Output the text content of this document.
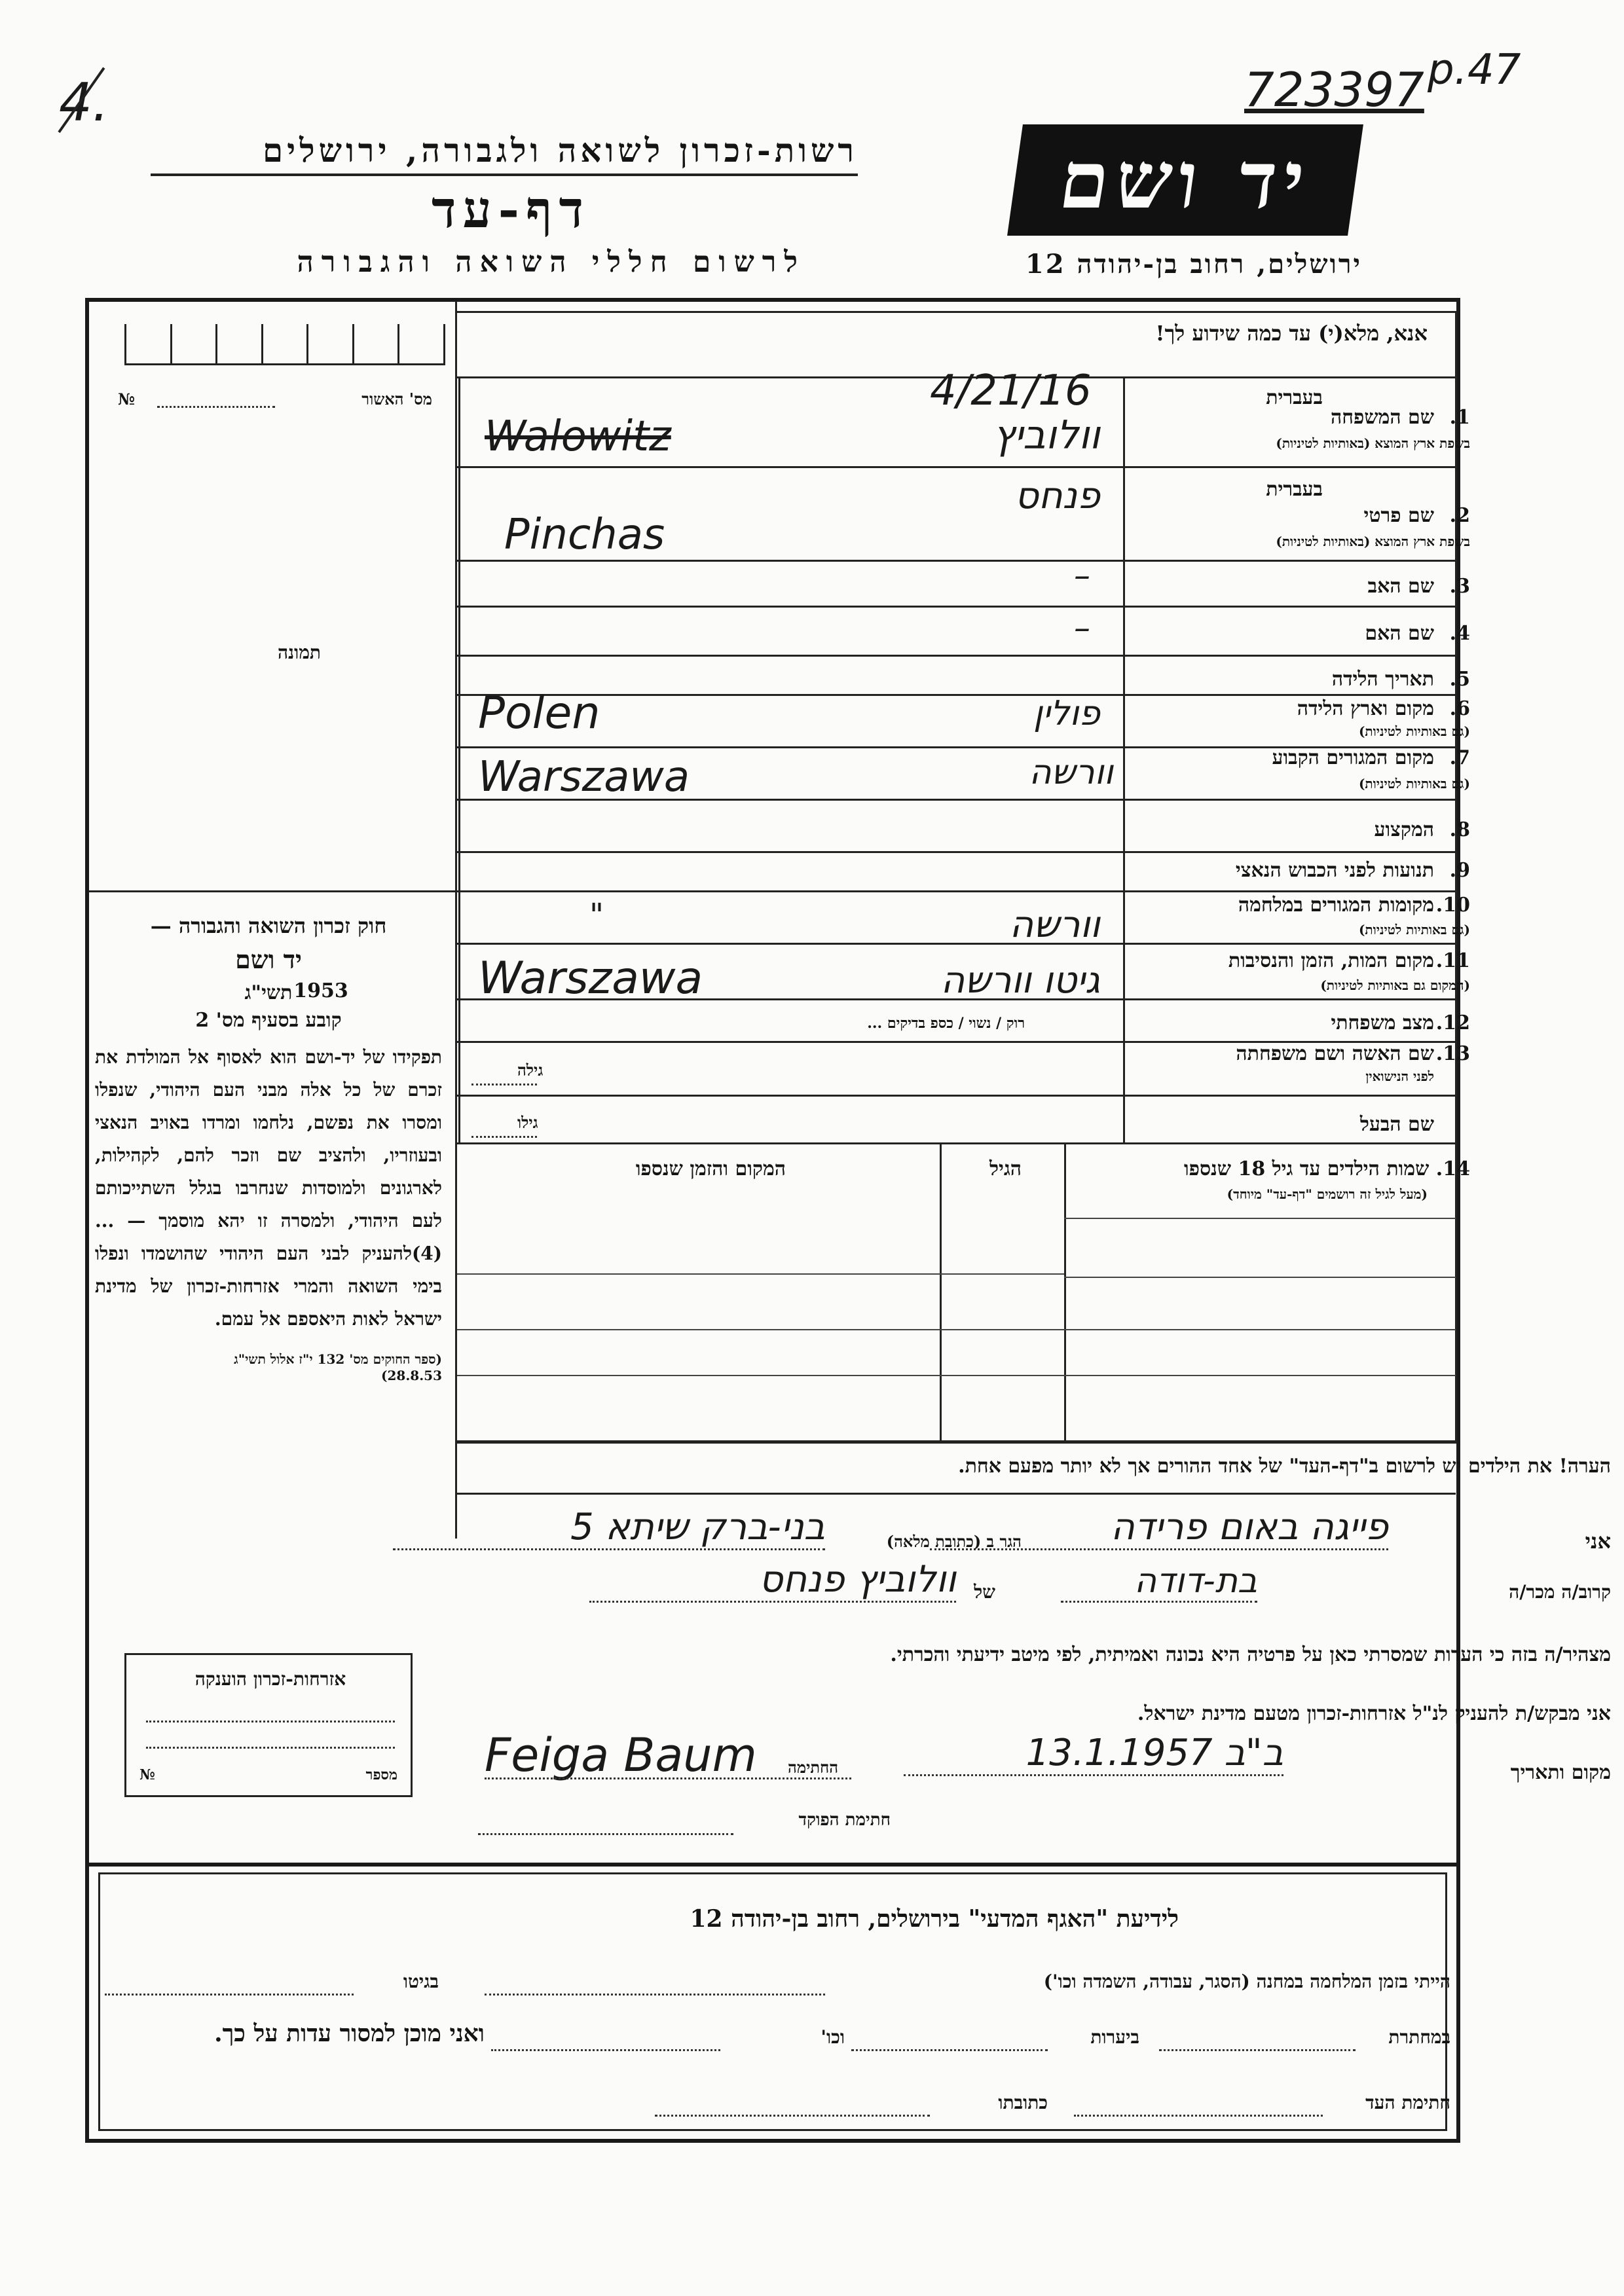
4.
רשות-זכרון לשואה ולגבורה, ירושלים
דף-עד
לרשום חללי השואה והגבורה
יד ושם
723397 p.47
ירושלים, רחוב בן-יהודה 12
אנא, מלא(י) עד כמה שידוע לך!
4/21/16
1.
שם המשפחה
בשפת ארץ המוצא (באותיות לטיניות)
בעברית
וולוביץ
Walowitz
2.
שם פרטי
בשפת ארץ המוצא (באותיות לטיניות)
בעברית
פנחס
Pinchas
3.
שם האב
–
4.
שם האם
–
5.
תאריך הלידה
6.
מקום וארץ הלידה
(גם באותיות לטיניות)
פולין
Polen
7.
מקום המגורים הקבוע
(גם באותיות לטיניות)
וורשה
Warszawa
8.
המקצוע
9.
תנועות לפני הכבוש הנאצי
10.
מקומות המגורים במלחמה
(גם באותיות לטיניות)
וורשה
"
11.
מקום המות, הזמן והנסיבות
(המקום גם באותיות לטיניות)
גיטו וורשה
Warszawa
12.
מצב משפחתי
רוק / נשוי / כספ בדיקים ...
13.
שם האשה ושם משפחתה
לפני הנישואין
גילה
שם הבעל
גילו
14. שמות הילדים עד גיל 18 שנספו
(מעל לגיל זה רושמים "דף-עד" מיוחד)
הגיל
המקום והזמן שנספו
הערה! את הילדים יש לרשום ב"דף-העד" של אחד ההורים אך לא יותר מפעם אחת.
מס' האשור
№
תמונה
חוק זכרון השואה והגבורה —
יד ושם
תשי"ג 1953
קובע בסעיף מס' 2
תפקידו של יד-ושם הוא לאסוף אל המולדת את זכרם של כל אלה מבני העם היהודי, שנפלו ומסרו את נפשם, נלחמו ומרדו באויב הנאצי ובעוזריו, ולהציב שם וזכר להם, לקהילות, לארגונים ולמוסדות שנחרבו בגלל השתייכותם לעם היהודי, ולמסרה זו יהא מוסמך — ...(4)להעניק לבני העם היהודי שהושמדו ונפלו בימי השואה והמרי אזרחות-זכרון של מדינת ישראל לאות היאספם אל עמם.
(ספר החוקים מס' 132 י"ז אלול תשי"ג 28.8.53)
אני
פייגה באום פרידה
הגר ב (כתובת מלאה)
בני-ברק שיתא 5
קרוב/ה מכר/ה
בת-דודה
של
וולוביץ פנחס
מצהיר/ה בזה כי העדות שמסרתי כאן על פרטיה היא נכונה ואמיתית, לפי מיטב ידיעתי והכרתי.
אני מבקש/ת להעניק לנ"ל אזרחות-זכרון מטעם מדינת ישראל.
מקום ותאריך
ב"ב 13.1.1957
החתימה
Feiga Baum
חתימת הפוקד
אזרחות-זכרון הוענקה
מספר
№
לידיעת "האגף המדעי" בירושלים, רחוב בן-יהודה 12
הייתי בזמן המלחמה במחנה (הסגר, עבודה, השמדה וכו')
בגיטו
במחתרת
ביערות
וכו'
ואני מוכן למסור עדות על כך.
חתימת העד
כתובתו
